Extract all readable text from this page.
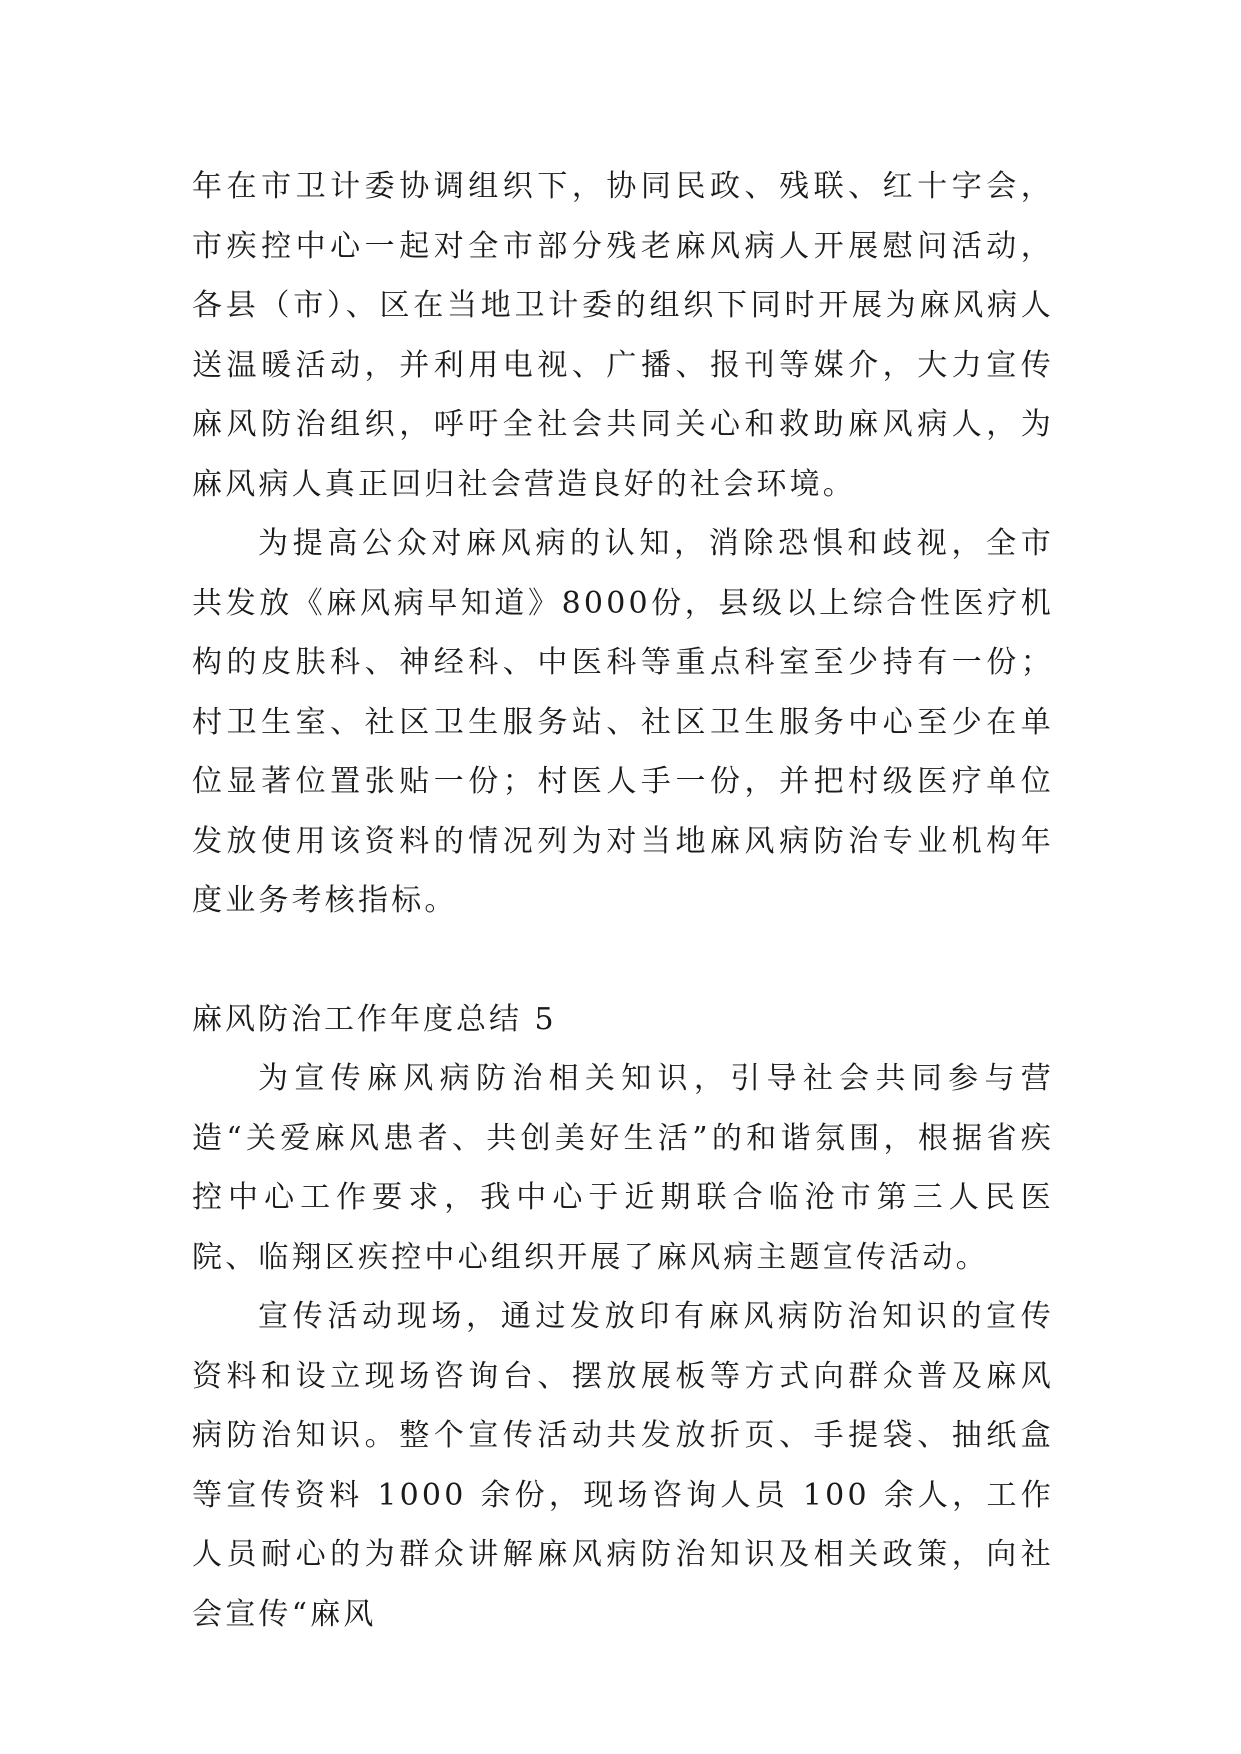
年在市卫计委协调组织下，协同民政、残联、红十字会，市疾控中心一起对全市部分残老麻风病人开展慰问活动，各县（市）、区在当地卫计委的组织下同时开展为麻风病人送温暖活动，并利用电视、广播、报刊等媒介，大力宣传麻风防治组织，呼吁全社会共同关心和救助麻风病人，为麻风病人真正回归社会营造良好的社会环境。

为提高公众对麻风病的认知，消除恐惧和歧视，全市共发放《麻风病早知道》8000份，县级以上综合性医疗机构的皮肤科、神经科、中医科等重点科室至少持有一份；村卫生室、社区卫生服务站、社区卫生服务中心至少在单位显著位置张贴一份；村医人手一份，并把村级医疗单位发放使用该资料的情况列为对当地麻风病防治专业机构年度业务考核指标。

麻风防治工作年度总结 5

为宣传麻风病防治相关知识，引导社会共同参与营造“关爱麻风患者、共创美好生活”的和谐氛围，根据省疾控中心工作要求，我中心于近期联合临沧市第三人民医院、临翔区疾控中心组织开展了麻风病主题宣传活动。

宣传活动现场，通过发放印有麻风病防治知识的宣传资料和设立现场咨询台、摆放展板等方式向群众普及麻风病防治知识。整个宣传活动共发放折页、手提袋、抽纸盒等宣传资料 1000 余份，现场咨询人员 100 余人，工作人员耐心的为群众讲解麻风病防治知识及相关政策，向社会宣传“麻风
